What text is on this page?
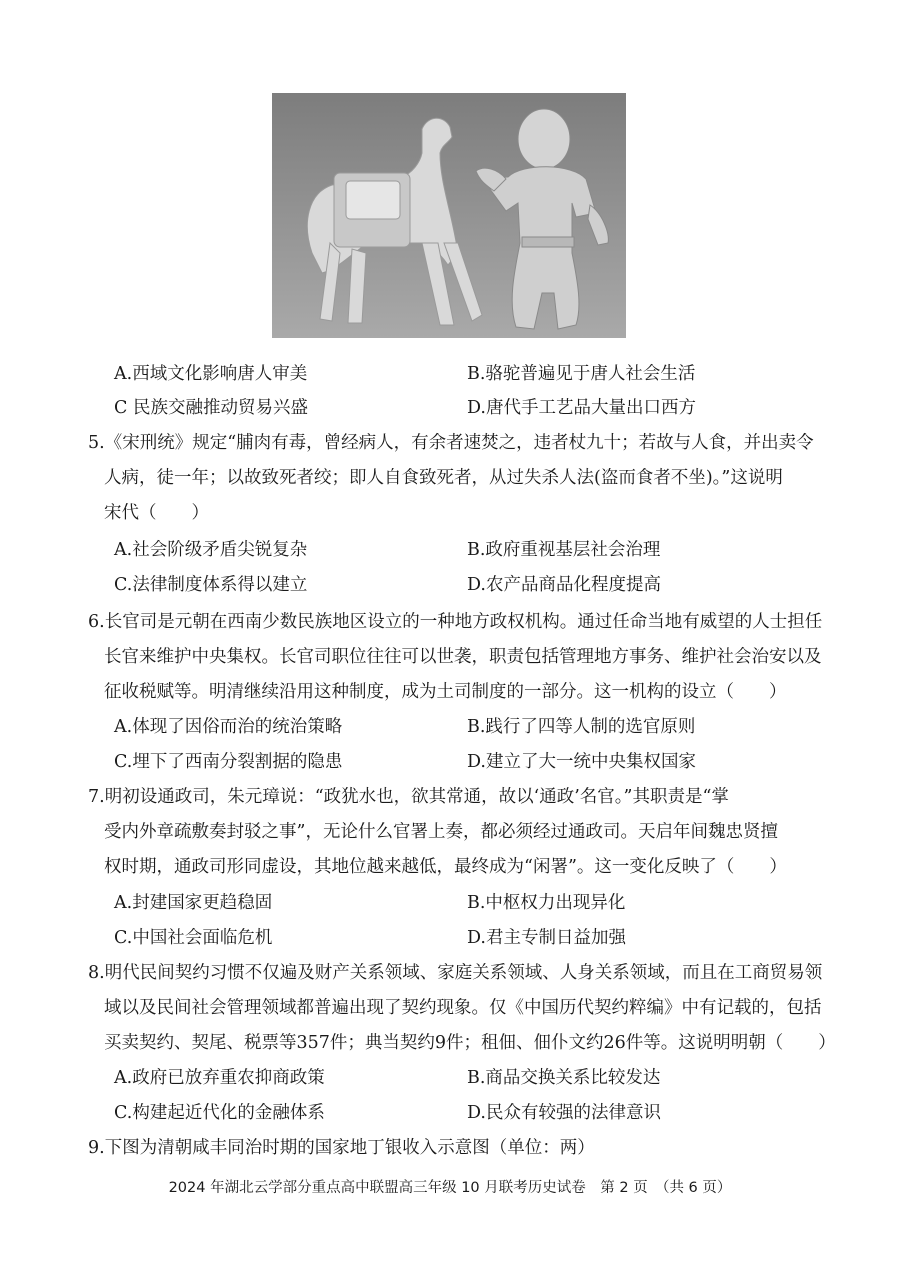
A.西域文化影响唐人审美	B.骆驼普遍见于唐人社会生活
C 民族交融推动贸易兴盛	D.唐代手工艺品大量出口西方
5.《宋刑统》规定“脯肉有毒，曾经病人，有余者速焚之，违者杖九十；若故与人食，并出卖令
人病，徒一年；以故致死者绞；即人自食致死者，从过失杀人法(盗而食者不坐)。”这说明
宋代（　　）
A.社会阶级矛盾尖锐复杂	B.政府重视基层社会治理
C.法律制度体系得以建立	D.农产品商品化程度提高
6.长官司是元朝在西南少数民族地区设立的一种地方政权机构。通过任命当地有威望的人士担任
长官来维护中央集权。长官司职位往往可以世袭，职责包括管理地方事务、维护社会治安以及
征收税赋等。明清继续沿用这种制度，成为土司制度的一部分。这一机构的设立（　　）
A.体现了因俗而治的统治策略	B.践行了四等人制的选官原则
C.埋下了西南分裂割据的隐患	D.建立了大一统中央集权国家
7.明初设通政司，朱元璋说：“政犹水也，欲其常通，故以‘通政’名官。”其职责是“掌
受内外章疏敷奏封驳之事”，无论什么官署上奏，都必须经过通政司。天启年间魏忠贤擅
权时期，通政司形同虚设，其地位越来越低，最终成为“闲署”。这一变化反映了（　　）
A.封建国家更趋稳固	B.中枢权力出现异化
C.中国社会面临危机	D.君主专制日益加强
8.明代民间契约习惯不仅遍及财产关系领域、家庭关系领域、人身关系领域，而且在工商贸易领
域以及民间社会管理领域都普遍出现了契约现象。仅《中国历代契约粹编》中有记载的，包括
买卖契约、契尾、税票等357件；典当契约9件；租佃、佃仆文约26件等。这说明明朝（　　）
A.政府已放弃重农抑商政策	B.商品交换关系比较发达
C.构建起近代化的金融体系	D.民众有较强的法律意识
9.下图为清朝咸丰同治时期的国家地丁银收入示意图（单位：两）
2024 年湖北云学部分重点高中联盟高三年级 10 月联考历史试卷　第 2 页　（共 6 页）
